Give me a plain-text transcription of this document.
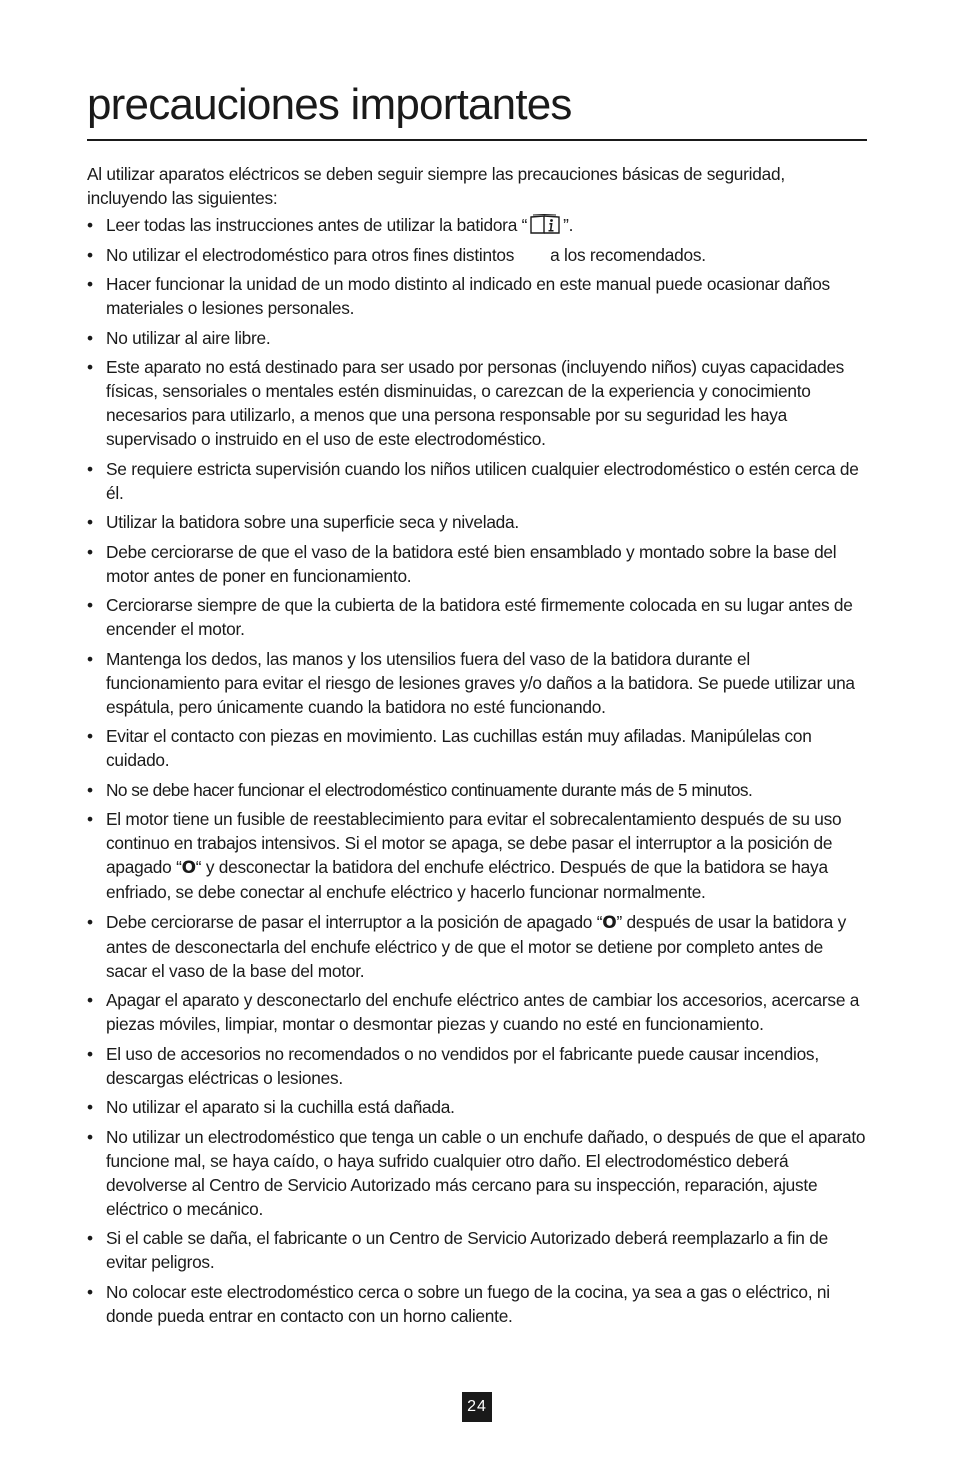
precauciones importantes

Al utilizar aparatos eléctricos se deben seguir siempre las precauciones básicas de seguridad, incluyendo las siguientes:

• Leer todas las instrucciones antes de utilizar la batidora “ ”.
• No utilizar el electrodoméstico para otros fines distintos a los recomendados.
• Hacer funcionar la unidad de un modo distinto al indicado en este manual puede ocasionar daños materiales o lesiones personales.
• No utilizar al aire libre.
• Este aparato no está destinado para ser usado por personas (incluyendo niños) cuyas capacidades físicas, sensoriales o mentales estén disminuidas, o carezcan de la experiencia y conocimiento necesarios para utilizarlo, a menos que una persona responsable por su seguridad les haya supervisado o instruido en el uso de este electrodoméstico.
• Se requiere estricta supervisión cuando los niños utilicen cualquier electrodoméstico o estén cerca de él.
• Utilizar la batidora sobre una superficie seca y nivelada.
• Debe cerciorarse de que el vaso de la batidora esté bien ensamblado y montado sobre la base del motor antes de poner en funcionamiento.
• Cerciorarse siempre de que la cubierta de la batidora esté firmemente colocada en su lugar antes de encender el motor.
• Mantenga los dedos, las manos y los utensilios fuera del vaso de la batidora durante el funcionamiento para evitar el riesgo de lesiones graves y/o daños a la batidora. Se puede utilizar una espátula, pero únicamente cuando la batidora no esté funcionando.
• Evitar el contacto con piezas en movimiento. Las cuchillas están muy afiladas. Manipúlelas con cuidado.
• No se debe hacer funcionar el electrodoméstico continuamente durante más de 5 minutos.
• El motor tiene un fusible de reestablecimiento para evitar el sobrecalentamiento después de su uso continuo en trabajos intensivos. Si el motor se apaga, se debe pasar el interruptor a la posición de apagado “O“ y desconectar la batidora del enchufe eléctrico. Después de que la batidora se haya enfriado, se debe conectar al enchufe eléctrico y hacerlo funcionar normalmente.
• Debe cerciorarse de pasar el interruptor a la posición de apagado “O” después de usar la batidora y antes de desconectarla del enchufe eléctrico y de que el motor se detiene por completo antes de sacar el vaso de la base del motor.
• Apagar el aparato y desconectarlo del enchufe eléctrico antes de cambiar los accesorios, acercarse a piezas móviles, limpiar, montar o desmontar piezas y cuando no esté en funcionamiento.
• El uso de accesorios no recomendados o no vendidos por el fabricante puede causar incendios, descargas eléctricas o lesiones.
• No utilizar el aparato si la cuchilla está dañada.
• No utilizar un electrodoméstico que tenga un cable o un enchufe dañado, o después de que el aparato funcione mal, se haya caído, o haya sufrido cualquier otro daño. El electrodoméstico deberá devolverse al Centro de Servicio Autorizado más cercano para su inspección, reparación, ajuste eléctrico o mecánico.
• Si el cable se daña, el fabricante o un Centro de Servicio Autorizado deberá reemplazarlo a fin de evitar peligros.
• No colocar este electrodoméstico cerca o sobre un fuego de la cocina, ya sea a gas o eléctrico, ni donde pueda entrar en contacto con un horno caliente.
24
